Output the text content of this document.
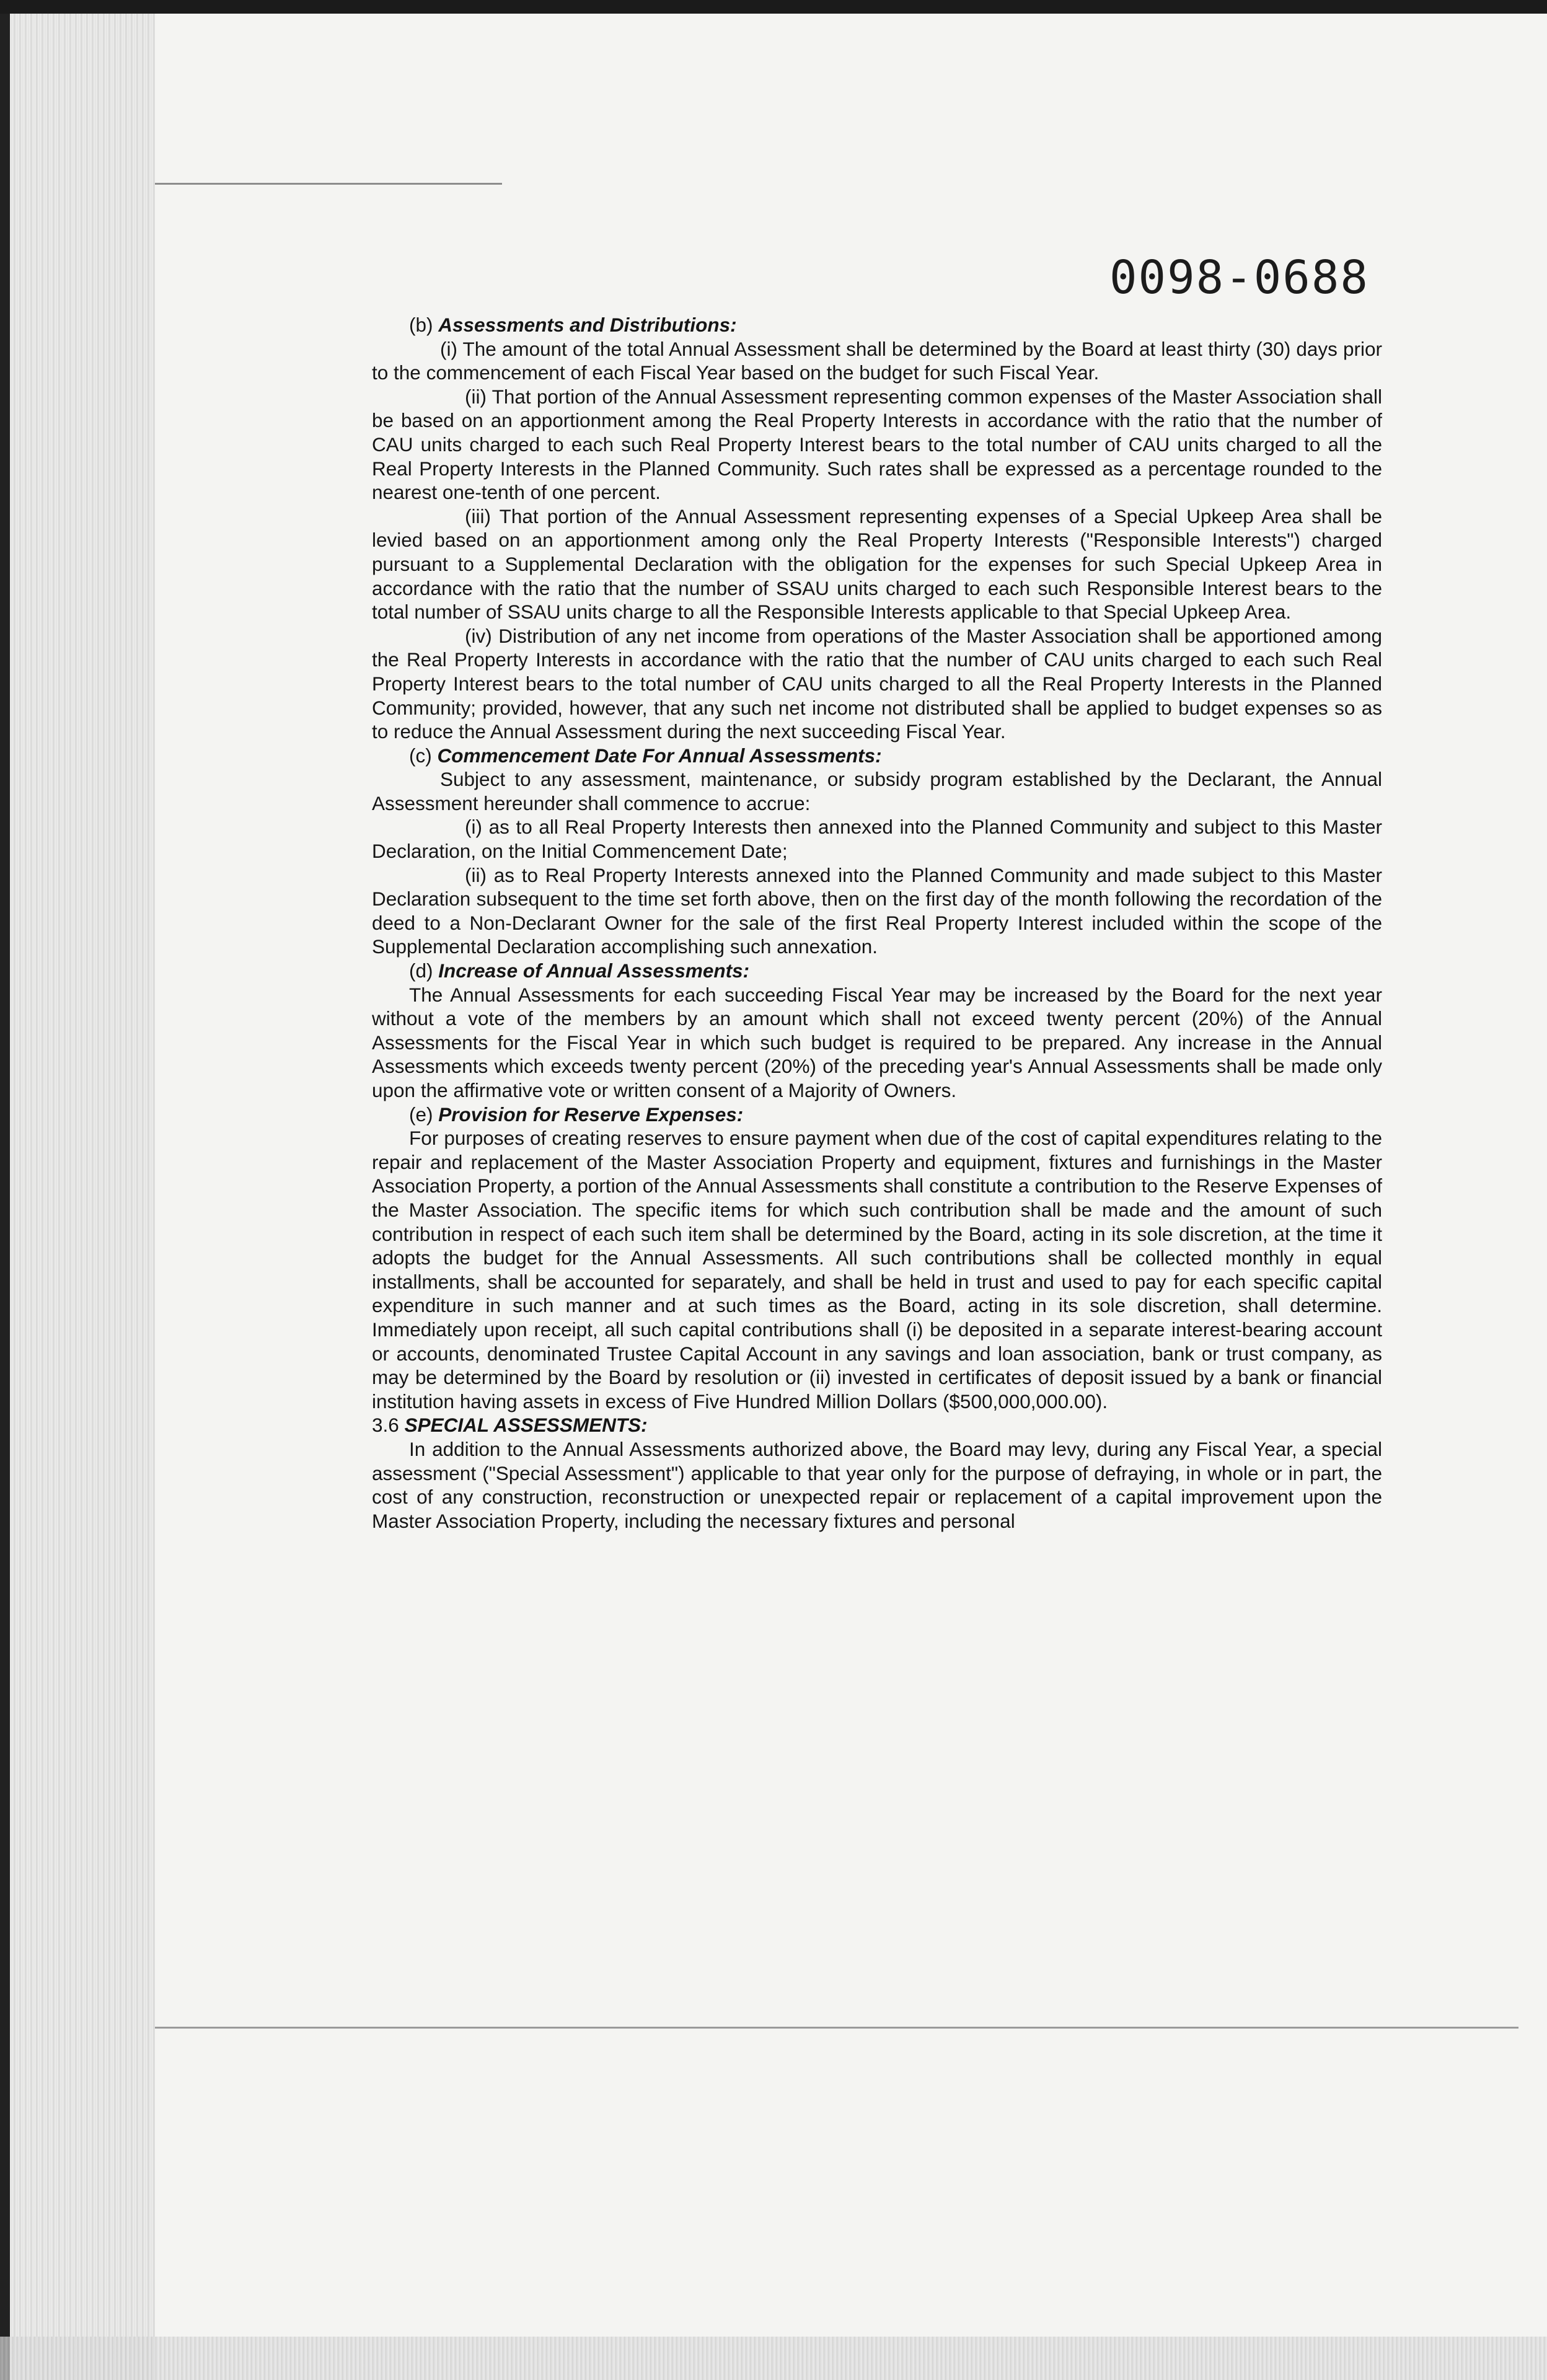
0098-0688

(b) Assessments and Distributions:

(i) The amount of the total Annual Assessment shall be determined by the Board at least thirty (30) days prior to the commencement of each Fiscal Year based on the budget for such Fiscal Year.

(ii) That portion of the Annual Assessment representing common expenses of the Master Association shall be based on an apportionment among the Real Property Interests in accordance with the ratio that the number of CAU units charged to each such Real Property Interest bears to the total number of CAU units charged to all the Real Property Interests in the Planned Community. Such rates shall be expressed as a percentage rounded to the nearest one-tenth of one percent.

(iii) That portion of the Annual Assessment representing expenses of a Special Upkeep Area shall be levied based on an apportionment among only the Real Property Interests ("Responsible Interests") charged pursuant to a Supplemental Declaration with the obligation for the expenses for such Special Upkeep Area in accordance with the ratio that the number of SSAU units charged to each such Responsible Interest bears to the total number of SSAU units charge to all the Responsible Interests applicable to that Special Upkeep Area.

(iv) Distribution of any net income from operations of the Master Association shall be apportioned among the Real Property Interests in accordance with the ratio that the number of CAU units charged to each such Real Property Interest bears to the total number of CAU units charged to all the Real Property Interests in the Planned Community; provided, however, that any such net income not distributed shall be applied to budget expenses so as to reduce the Annual Assessment during the next succeeding Fiscal Year.

(c) Commencement Date For Annual Assessments:

Subject to any assessment, maintenance, or subsidy program established by the Declarant, the Annual Assessment hereunder shall commence to accrue:

(i) as to all Real Property Interests then annexed into the Planned Community and subject to this Master Declaration, on the Initial Commencement Date;

(ii) as to Real Property Interests annexed into the Planned Community and made subject to this Master Declaration subsequent to the time set forth above, then on the first day of the month following the recordation of the deed to a Non-Declarant Owner for the sale of the first Real Property Interest included within the scope of the Supplemental Declaration accomplishing such annexation.

(d) Increase of Annual Assessments:

The Annual Assessments for each succeeding Fiscal Year may be increased by the Board for the next year without a vote of the members by an amount which shall not exceed twenty percent (20%) of the Annual Assessments for the Fiscal Year in which such budget is required to be prepared. Any increase in the Annual Assessments which exceeds twenty percent (20%) of the preceding year's Annual Assessments shall be made only upon the affirmative vote or written consent of a Majority of Owners.

(e) Provision for Reserve Expenses:

For purposes of creating reserves to ensure payment when due of the cost of capital expenditures relating to the repair and replacement of the Master Association Property and equipment, fixtures and furnishings in the Master Association Property, a portion of the Annual Assessments shall constitute a contribution to the Reserve Expenses of the Master Association. The specific items for which such contribution shall be made and the amount of such contribution in respect of each such item shall be determined by the Board, acting in its sole discretion, at the time it adopts the budget for the Annual Assessments. All such contributions shall be collected monthly in equal installments, shall be accounted for separately, and shall be held in trust and used to pay for each specific capital expenditure in such manner and at such times as the Board, acting in its sole discretion, shall determine. Immediately upon receipt, all such capital contributions shall (i) be deposited in a separate interest-bearing account or accounts, denominated Trustee Capital Account in any savings and loan association, bank or trust company, as may be determined by the Board by resolution or (ii) invested in certificates of deposit issued by a bank or financial institution having assets in excess of Five Hundred Million Dollars ($500,000,000.00).

3.6 SPECIAL ASSESSMENTS:

In addition to the Annual Assessments authorized above, the Board may levy, during any Fiscal Year, a special assessment ("Special Assessment") applicable to that year only for the purpose of defraying, in whole or in part, the cost of any construction, reconstruction or unexpected repair or replacement of a capital improvement upon the Master Association Property, including the necessary fixtures and personal
